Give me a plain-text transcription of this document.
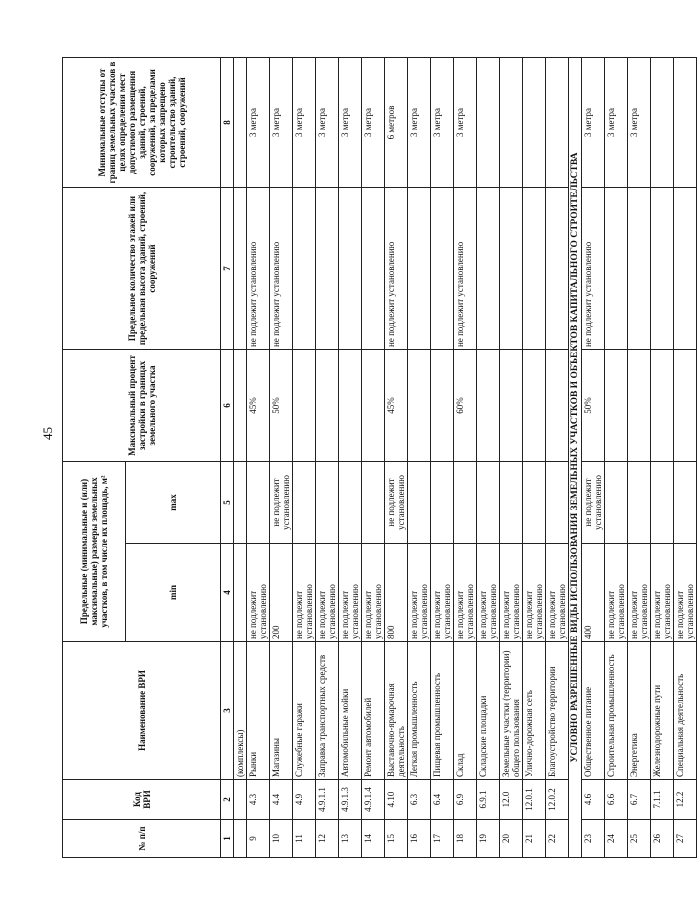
45
№ п/п	Код ВРИ	Наименование ВРИ	Предельные (минимальные и (или) максимальные) размеры земельных участков, в том числе их площадь, м²		Максимальный процент застройки в границах земельного участка	Предельное количество этажей или предельная высота зданий, строений, сооружений	Минимальные отступы от границ земельных участков в целях определения мест допустимого размещения зданий, строений, сооружений, за пределами которых запрещено строительство зданий, строений, сооружений
			min	max			
1	2	3	4	5	6	7	8
		(комплексы)					
9	4.3	Рынки	не подлежит установлению		45%	не подлежит установлению	3 метра
10	4.4	Магазины	200	не подлежит установлению	50%	не подлежит установлению	3 метра
11	4.9	Служебные гаражи	не подлежит установлению				3 метра
12	4.9.1.1	Заправка транспортных средств	не подлежит установлению				3 метра
13	4.9.1.3	Автомобильные мойки	не подлежит установлению				3 метра
14	4.9.1.4	Ремонт автомобилей	не подлежит установлению				3 метра
15	4.10	Выставочно-ярмарочная деятельность	800	не подлежит установлению	45%	не подлежит установлению	6 метров
16	6.3	Легкая промышленность	не подлежит установлению				3 метра
17	6.4	Пищевая промышленность	не подлежит установлению				3 метра
18	6.9	Склад	не подлежит установлению		60%	не подлежит установлению	3 метра
19	6.9.1	Складские площадки	не подлежит установлению				
20	12.0	Земельные участки (территории) общего пользования	не подлежит установлению				
21	12.0.1	Улично-дорожная сеть	не подлежит установлению				
22	12.0.2	Благоустройство территории	не подлежит установлению				
УСЛОВНО РАЗРЕШЕННЫЕ ВИДЫ ИСПОЛЬЗОВАНИЯ ЗЕМЕЛЬНЫХ УЧАСТКОВ И ОБЪЕКТОВ КАПИТАЛЬНОГО СТРОИТЕЛЬСТВА							
23	4.6	Общественное питание	400	не подлежит установлению	50%	не подлежит установлению	3 метра
24	6.6	Строительная промышленность	не подлежит установлению				3 метра
25	6.7	Энергетика	не подлежит установлению				3 метра
26	7.1.1	Железнодорожные пути	не подлежит установлению				
27	12.2	Специальная деятельность	не подлежит установлению				
